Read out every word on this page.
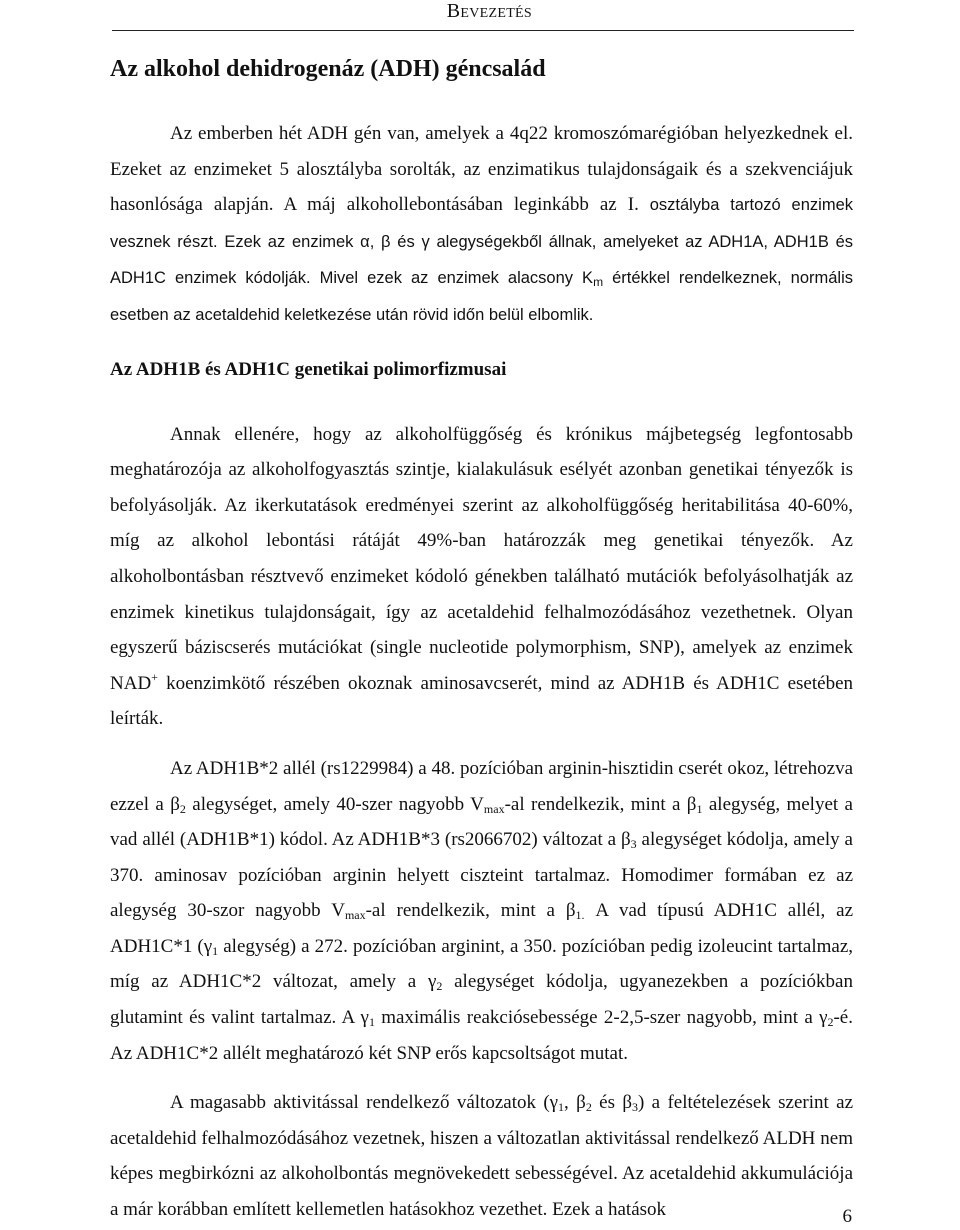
Bevezetés
Az alkohol dehidrogenáz (ADH) géncsalád

Az emberben hét ADH gén van, amelyek a 4q22 kromoszómarégióban helyezkednek el. Ezeket az enzimeket 5 alosztályba sorolták, az enzimatikus tulajdonságaik és a szekvenciájuk hasonlósága alapján. A máj alkohollebontásában leginkább az I. osztályba tartozó enzimek vesznek részt. Ezek az enzimek α, β és γ alegységekből állnak, amelyeket az ADH1A, ADH1B és ADH1C enzimek kódolják. Mivel ezek az enzimek alacsony $K_m$ értékkel rendelkeznek, normális esetben az acetaldehid keletkezése után rövid időn belül elbomlik.

Az ADH1B és ADH1C genetikai polimorfizmusai

Annak ellenére, hogy az alkoholfüggőség és krónikus májbetegség legfontosabb meghatározója az alkoholfogyasztás szintje, kialakulásuk esélyét azonban genetikai tényezők is befolyásolják. Az ikerkutatások eredményei szerint az alkoholfüggőség heritabilitása 40-60%, míg az alkohol lebontási rátáját 49%-ban határozzák meg genetikai tényezők. Az alkoholbontásban résztvevő enzimeket kódoló génekben található mutációk befolyásolhatják az enzimek kinetikus tulajdonságait, így az acetaldehid felhalmozódásához vezethetnek. Olyan egyszerű báziscserés mutációkat (single nucleotide polymorphism, SNP), amelyek az enzimek NAD+ koenzimkötő részében okoznak aminosavcserét, mind az ADH1B és ADH1C esetében leírták.

Az ADH1B*2 allél (rs1229984) a 48. pozícióban arginin-hisztidin cserét okoz, létrehozva ezzel a $\beta_2$ alegységet, amely 40-szer nagyobb $V_{max}-al$ rendelkezik, mint a $\beta_1$ alegység, melyet a vad allél (ADH1B*1) kódol. Az ADH1B*3 (rs2066702) változat a $\beta_3$ alegységet kódolja, amely a 370. aminosav pozícióban arginin helyett ciszteint tartalmaz. Homodimer formában ez az alegység 30-szor nagyobb $V_{max}-al$ rendelkezik, mint a $\beta_{1.}$ A vad típusú ADH1C allél, az ADH1C*1 ($\gamma_1$ alegység) a 272. pozícióban arginint, a 350. pozícióban pedig izoleucint tartalmaz, míg az ADH1C*2 változat, amely a $\gamma_2$ alegységet kódolja, ugyanezekben a pozíciókban glutamint és valint tartalmaz. A $\gamma_1$ maximális reakciósebessége 2-2,5-szer nagyobb, mint a $\gamma_2-é$. Az ADH1C*2 allélt meghatározó két SNP erős kapcsoltságot mutat.

A magasabb aktivitással rendelkező változatok ($\gamma_1$, $\beta_2$ és $\beta_3$) a feltételezések szerint az acetaldehid felhalmozódásához vezetnek, hiszen a változatlan aktivitással rendelkező ALDH nem képes megbirkózni az alkoholbontás megnövekedett sebességével. Az acetaldehid akkumulációja a már korábban említett kellemetlen hatásokhoz vezethet. Ezek a hatások	6
